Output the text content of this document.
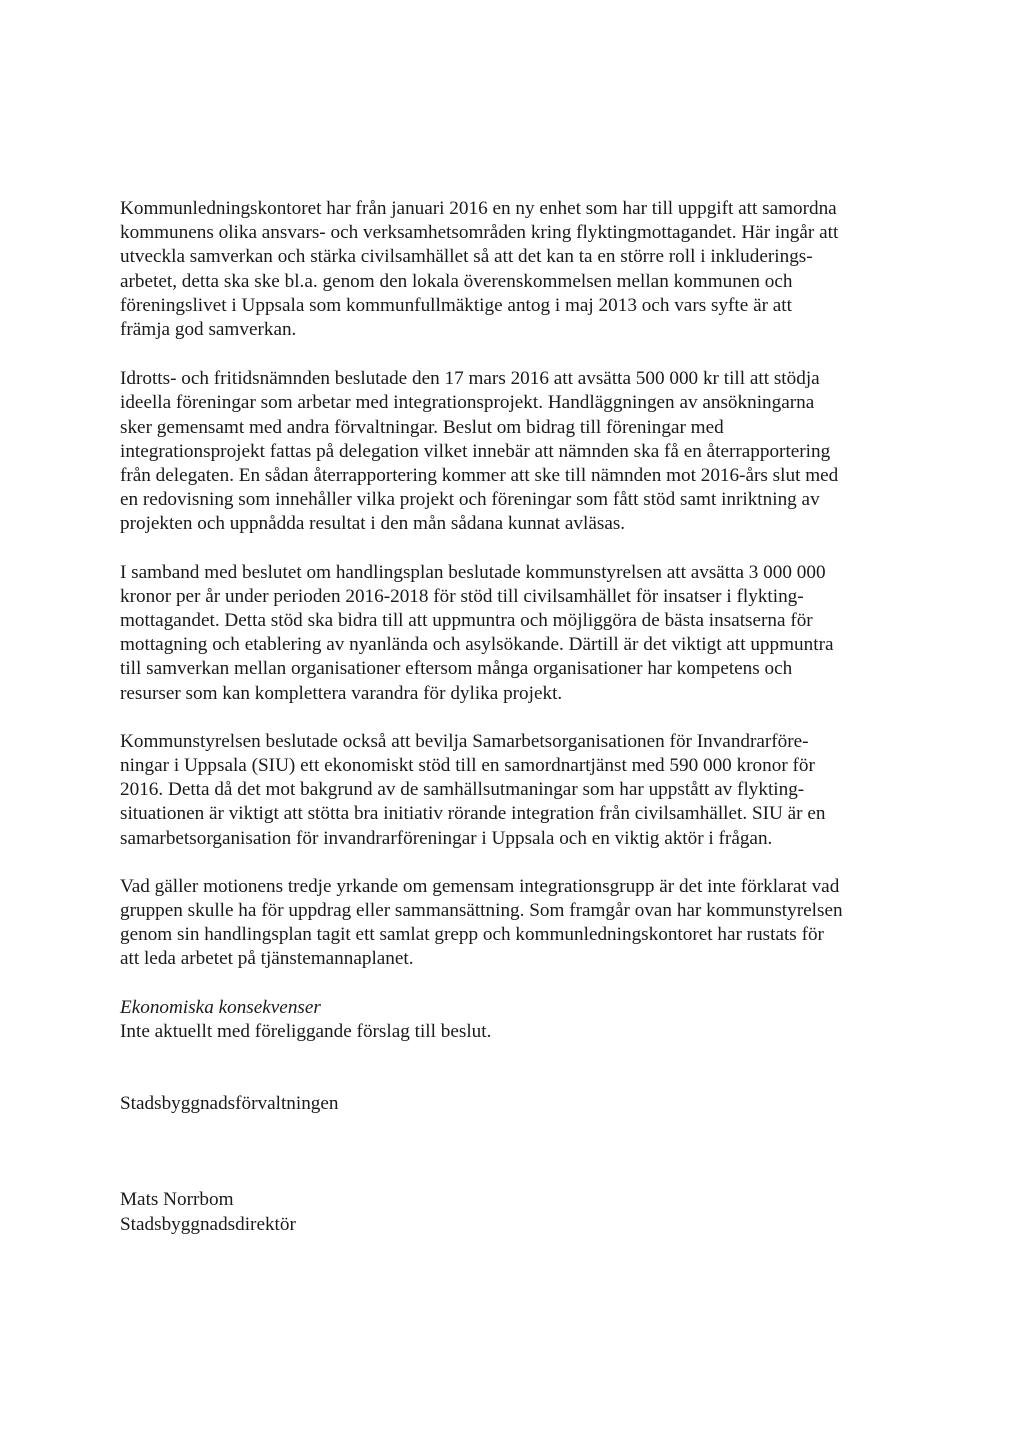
Kommunledningskontoret har från januari 2016 en ny enhet som har till uppgift att samordna
kommunens olika ansvars- och verksamhetsområden kring flyktingmottagandet. Här ingår att
utveckla samverkan och stärka civilsamhället så att det kan ta en större roll i inkluderings-
arbetet, detta ska ske bl.a. genom den lokala överenskommelsen mellan kommunen och
föreningslivet i Uppsala som kommunfullmäktige antog i maj 2013 och vars syfte är att
främja god samverkan.
Idrotts- och fritidsnämnden beslutade den 17 mars 2016 att avsätta 500 000 kr till att stödja
ideella föreningar som arbetar med integrationsprojekt. Handläggningen av ansökningarna
sker gemensamt med andra förvaltningar. Beslut om bidrag till föreningar med
integrationsprojekt fattas på delegation vilket innebär att nämnden ska få en återrapportering
från delegaten. En sådan återrapportering kommer att ske till nämnden mot 2016-års slut med
en redovisning som innehåller vilka projekt och föreningar som fått stöd samt inriktning av
projekten och uppnådda resultat i den mån sådana kunnat avläsas.
I samband med beslutet om handlingsplan beslutade kommunstyrelsen att avsätta 3 000 000
kronor per år under perioden 2016-2018 för stöd till civilsamhället för insatser i flykting-
mottagandet. Detta stöd ska bidra till att uppmuntra och möjliggöra de bästa insatserna för
mottagning och etablering av nyanlända och asylsökande. Därtill är det viktigt att uppmuntra
till samverkan mellan organisationer eftersom många organisationer har kompetens och
resurser som kan komplettera varandra för dylika projekt.
Kommunstyrelsen beslutade också att bevilja Samarbetsorganisationen för Invandrarföre-
ningar i Uppsala (SIU) ett ekonomiskt stöd till en samordnartjänst med 590 000 kronor för
2016. Detta då det mot bakgrund av de samhällsutmaningar som har uppstått av flykting-
situationen är viktigt att stötta bra initiativ rörande integration från civilsamhället. SIU är en
samarbetsorganisation för invandrarföreningar i Uppsala och en viktig aktör i frågan.
Vad gäller motionens tredje yrkande om gemensam integrationsgrupp är det inte förklarat vad
gruppen skulle ha för uppdrag eller sammansättning. Som framgår ovan har kommunstyrelsen
genom sin handlingsplan tagit ett samlat grepp och kommunledningskontoret har rustats för
att leda arbetet på tjänstemannaplanet.
Ekonomiska konsekvenser
Inte aktuellt med föreliggande förslag till beslut.
Stadsbyggnadsförvaltningen
Mats Norrbom
Stadsbyggnadsdirektör
